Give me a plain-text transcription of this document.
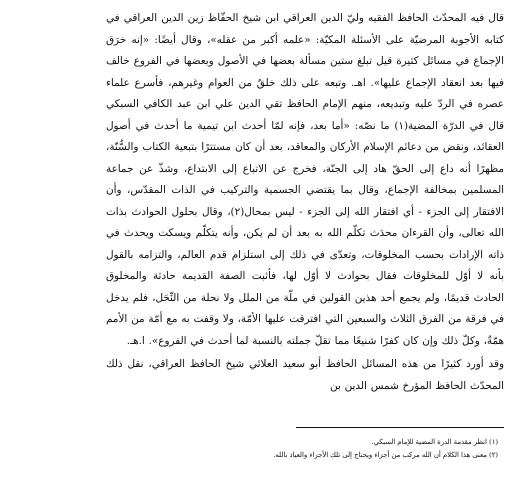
قال فيه المحدّث الحافظ الفقيه وليّ الدين العراقي ابن شيخ الحفّاظ زين الدين العراقي في كتابه الأجوبة المرضيّة على الأسئلة المكيّة: «علمه أكبر من عقله»، وقال أيضًا: «إنه خرَق الإجماع في مسائل كثيرة قيل تبلغ ستين مسألة بعضها في الأصول وبعضها في الفروع خالف فيها بعد انعقاد الإجماع عليها». اهـ. وتبعه على ذلك خلقٌ من العوام وغيرهم، فأسرع علماء عصره في الردّ عليه وتبديعه، منهم الإمام الحافظ تقي الدين علي ابن عبد الكافي السبكي قال في الدرّة المضية(١) ما نصّه: «أما بعد، فإنه لمّا أحدث ابن تيمية ما أحدث في أصول العقائد، ونقض من دعائم الإسلام الأركان والمعاقد، بعد أن كان مستترًا بتبعية الكتاب والسُّنّة، مظهرًا أنه داع إلى الحقّ هاد إلى الجنّة، فخرج عن الاتباع إلى الابتداع، وشذّ عن جماعة المسلمين بمخالفة الإجماع، وقال بما يقتضي الجسمية والتركيب في الذات المقدّس، وأن الافتقار إلى الجزء - أي افتقار الله إلى الجزء - ليس بمحال(٢)، وقال بحلول الحوادث بذات الله تعالى، وأن القرءان محدَث تكلّم الله به بعد أن لم يكن، وأنه يتكلّم ويسكت ويحدث في ذاته الإرادات بحسب المخلوقات، وتعدّى في ذلك إلى استلزام قدم العالم، والتزامه بالقول بأنه لا أوّل للمخلوقات فقال بحوادث لا أوّل لها، فأثبت الصفة القديمة حادثة والمخلوق الحادث قديمًا، ولم يجمع أحد هذين القولين في ملّة من الملل ولا نحلة من النِّحَل، فلم يدخل في فرقة من الفرق الثلاث والسبعين التي افترقت عليها الأمّة، ولا وقفت به مع أمّة من الأمم همّةٌ، وكلّ ذلك وإن كان كفرًا شنيعًا مما تقلّ جملته بالنسبة لما أحدث في الفروع». ا.هـ.

وقد أورد كثيرًا من هذه المسائل الحافظ أبو سعيد العلائي شيخ الحافظ العراقي، نقل ذلك المحدّث الحافظ المؤرخ شمس الدين بن

(١) انظر مقدمة الدرة المضية للإمام السبكي.
(٢) معنى هذا الكلام أن الله مركب من أجزاء ويحتاج إلى تلك الأجزاء والعياذ بالله.
